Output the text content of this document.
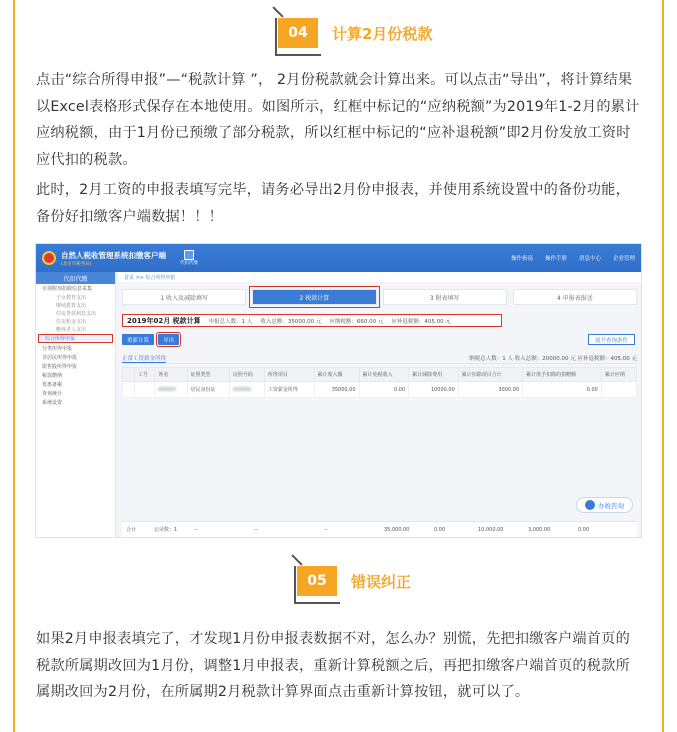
04 计算2月份税款

点击“综合所得申报”—“税款计算 ”， 2月份税款就会计算出来。可以点击“导出”，将计算结果以Excel表格形式保存在本地使用。如图所示，红框中标记的“应纳税额”为2019年1-2月的累计应纳税额，由于1月份已预缴了部分税款，所以红框中标记的“应补退税额”即2月份发放工资时应代扣的税款。

此时，2月工资的申报表填写完毕，请务必导出2月份申报表，并使用系统设置中的备份功能，备份好扣缴客户端数据！！！

自然人税收管理系统扣缴客户端
(北京市税务局)	代扣代缴
操作指南 操作手册 消息中心 企业管理
代扣代缴
专项附加扣除信息采集
子女教育支出
继续教育支出
住房贷款利息支出
住房租金支出
赡养老人支出
综合所得申报
分类所得申报
非居民所得申报
限售股所得申报
税款缴纳
优惠备案
查询统计
系统设置
首页 >> 综合所得申报
1 收入及减除填写	2 税款计算	3 附表填写	4 申报表报送
2019年02月 税款计算 申报总人数：1 人 收入总额：35000.00 元 应纳税额：660.00 元 应补退税额：405.00 元
重新计算	导出	展开查询条件
正常工资薪金所得	纳税总人数：1 人 收入总额：20000.00 元 应补退税额：405.00 元
	工号	姓名	证照类型	证照号码	所得项目	累计收入额	累计免税收入	累计减除费用	累计扣除项目合计	累计准予扣除的捐赠额	累计应纳
			居民身份证		工资薪金所得	35000.00	0.00	10000.00	3000.00	0.00	
办税咨询
合计	记录数：1	--	--	--	35,000.00	0.00	10,000.00	3,000.00	0.00
05 错误纠正

如果2月申报表填完了，才发现1月份申报表数据不对，怎么办？别慌，先把扣缴客户端首页的税款所属期改回为1月份，调整1月申报表，重新计算税额之后，再把扣缴客户端首页的税款所属期改回为2月份，在所属期2月税款计算界面点击重新计算按钮，就可以了。
